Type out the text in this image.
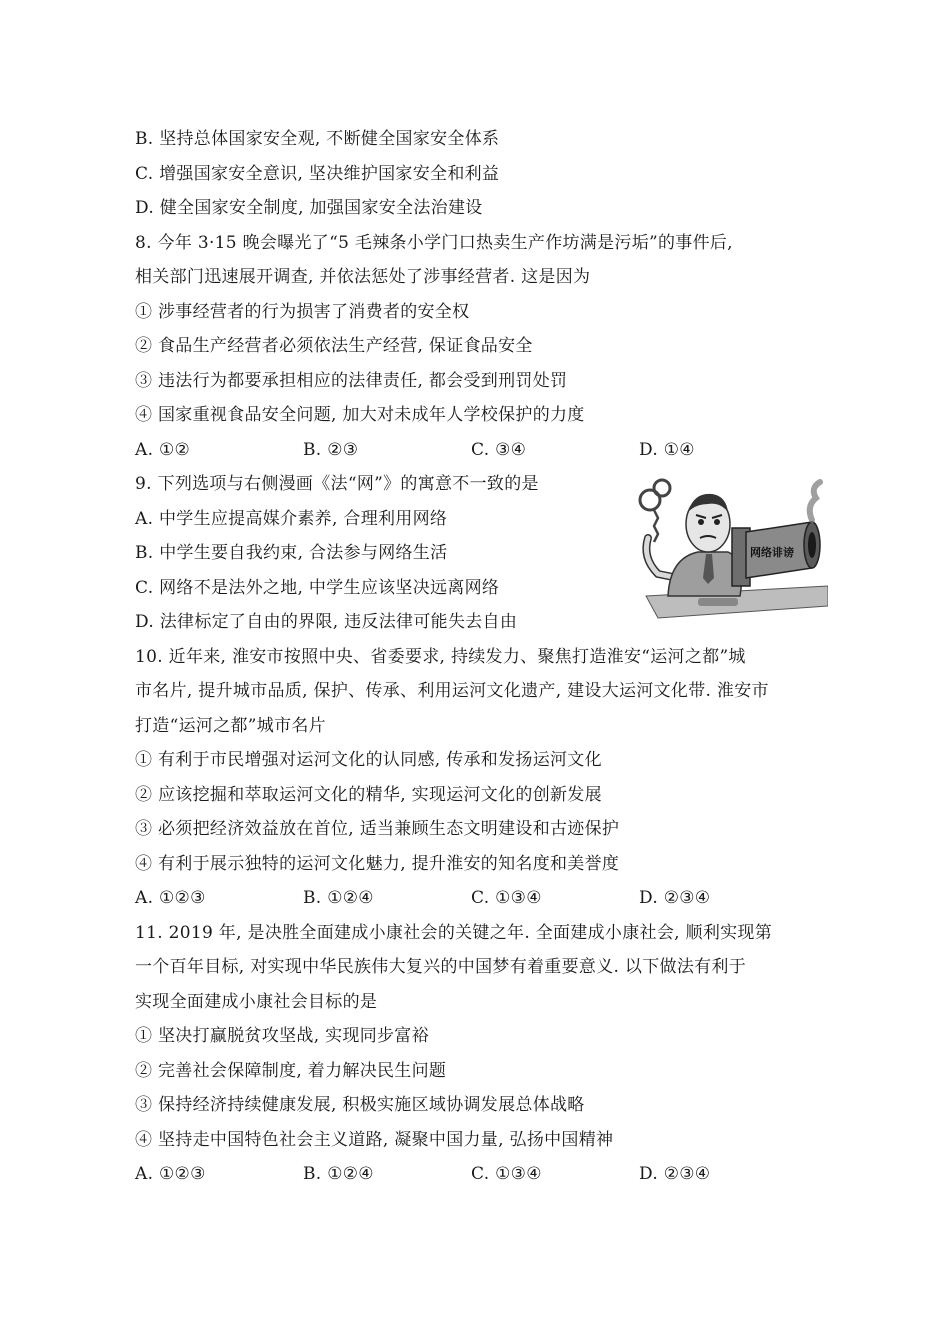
B. 坚持总体国家安全观, 不断健全国家安全体系
C. 增强国家安全意识, 坚决维护国家安全和利益
D. 健全国家安全制度, 加强国家安全法治建设
8. 今年 3·15 晚会曝光了“5 毛辣条小学门口热卖生产作坊满是污垢”的事件后,
相关部门迅速展开调查, 并依法惩处了涉事经营者. 这是因为
① 涉事经营者的行为损害了消费者的安全权
② 食品生产经营者必须依法生产经营, 保证食品安全
③ 违法行为都要承担相应的法律责任, 都会受到刑罚处罚
④ 国家重视食品安全问题, 加大对未成年人学校保护的力度
A. ①②	B. ②③	C. ③④	D. ①④
9. 下列选项与右侧漫画《法“网”》的寓意不一致的是
A. 中学生应提高媒介素养, 合理利用网络
B. 中学生要自我约束, 合法参与网络生活
C. 网络不是法外之地, 中学生应该坚决远离网络
D. 法律标定了自由的界限, 违反法律可能失去自由
10. 近年来, 淮安市按照中央、省委要求, 持续发力、聚焦打造淮安“运河之都”城
市名片, 提升城市品质, 保护、传承、利用运河文化遗产, 建设大运河文化带. 淮安市
打造“运河之都”城市名片
① 有利于市民增强对运河文化的认同感, 传承和发扬运河文化
② 应该挖掘和萃取运河文化的精华, 实现运河文化的创新发展
③ 必须把经济效益放在首位, 适当兼顾生态文明建设和古迹保护
④ 有利于展示独特的运河文化魅力, 提升淮安的知名度和美誉度
A. ①②③	B. ①②④	C. ①③④	D. ②③④
11. 2019 年, 是决胜全面建成小康社会的关键之年. 全面建成小康社会, 顺利实现第
一个百年目标, 对实现中华民族伟大复兴的中国梦有着重要意义. 以下做法有利于
实现全面建成小康社会目标的是
① 坚决打赢脱贫攻坚战, 实现同步富裕
② 完善社会保障制度, 着力解决民生问题
③ 保持经济持续健康发展, 积极实施区域协调发展总体战略
④ 坚持走中国特色社会主义道路, 凝聚中国力量, 弘扬中国精神
A. ①②③	B. ①②④	C. ①③④	D. ②③④
网络诽谤
